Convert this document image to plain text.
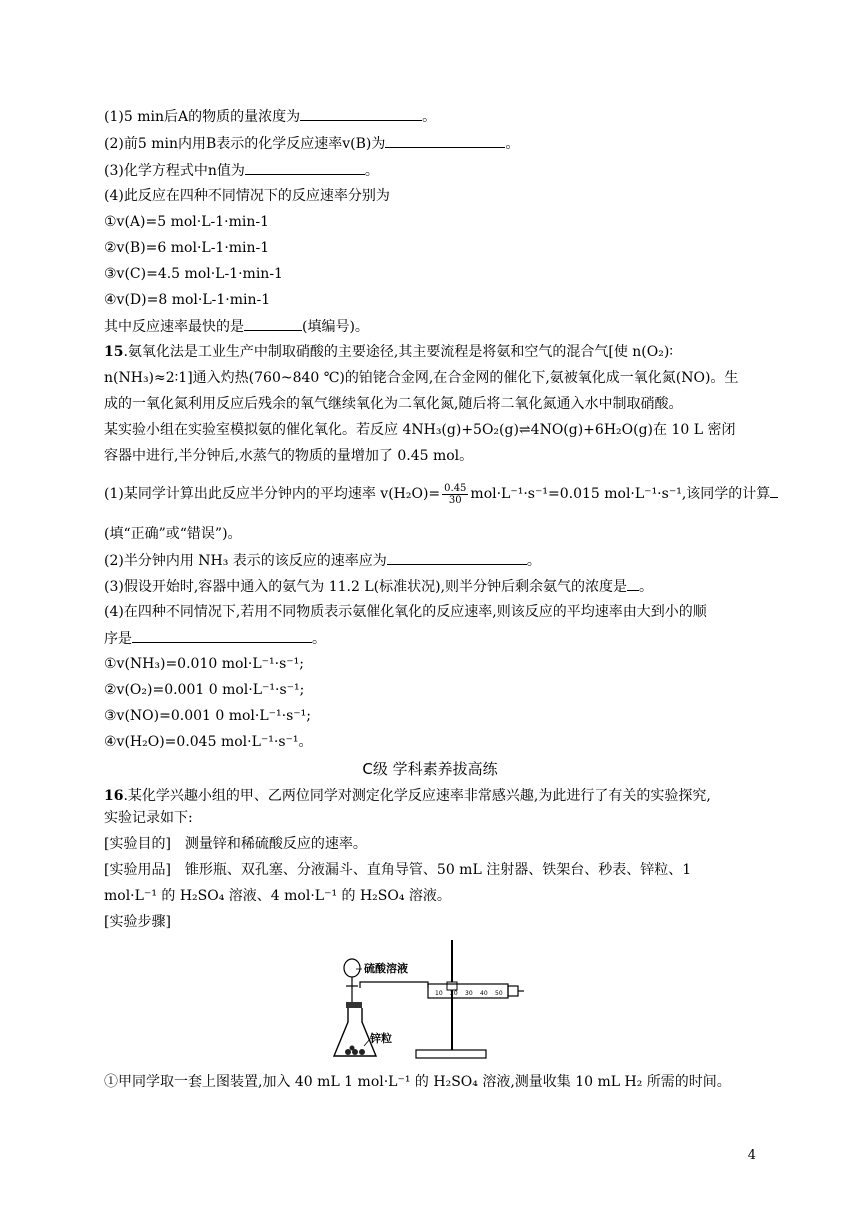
(1)5 min后A的物质的量浓度为	。
(2)前5 min内用B表示的化学反应速率v(B)为	。
(3)化学方程式中n值为	。
(4)此反应在四种不同情况下的反应速率分别为
①v(A)=5 mol·L-1·min-1
②v(B)=6 mol·L-1·min-1
③v(C)=4.5 mol·L-1·min-1
④v(D)=8 mol·L-1·min-1
其中反应速率最快的是	(填编号)。
15.氨氧化法是工业生产中制取硝酸的主要途径,其主要流程是将氨和空气的混合气[使 n(O₂)∶
n(NH₃)≈2∶1]通入灼热(760~840 ℃)的铂铑合金网,在合金网的催化下,氨被氧化成一氧化氮(NO)。生
成的一氧化氮利用反应后残余的氧气继续氧化为二氧化氮,随后将二氧化氮通入水中制取硝酸。
某实验小组在实验室模拟氨的催化氧化。若反应 4NH₃(g)+5O₂(g)⇌4NO(g)+6H₂O(g)在 10 L 密闭
容器中进行,半分钟后,水蒸气的物质的量增加了 0.45 mol。
(1)某同学计算出此反应半分钟内的平均速率 $v(H_2O)= \frac{0.45}{30} mol\cdot L^{-1}\cdot s^{-1}=0.015$ mol·L⁻¹·s⁻¹,该同学的计算
(填“正确”或“错误”)。
(2)半分钟内用 NH₃ 表示的该反应的速率应为	。
(3)假设开始时,容器中通入的氨气为 11.2 L(标准状况),则半分钟后剩余氨气的浓度是 。
(4)在四种不同情况下,若用不同物质表示氨催化氧化的反应速率,则该反应的平均速率由大到小的顺
序是	。
①v(NH₃)=0.010 mol·L⁻¹·s⁻¹;
②v(O₂)=0.001 0 mol·L⁻¹·s⁻¹;
③v(NO)=0.001 0 mol·L⁻¹·s⁻¹;
④v(H₂O)=0.045 mol·L⁻¹·s⁻¹。
C级 学科素养拔高练
16.某化学兴趣小组的甲、乙两位同学对测定化学反应速率非常感兴趣,为此进行了有关的实验探究,
实验记录如下:
[实验目的]　测量锌和稀硫酸反应的速率。
[实验用品]　锥形瓶、双孔塞、分液漏斗、直角导管、50 mL 注射器、铁架台、秒表、锌粒、1
mol·L⁻¹ 的 H₂SO₄ 溶液、4 mol·L⁻¹ 的 H₂SO₄ 溶液。
[实验步骤]
10 20 30 40 50
硫酸溶液
锌粒
①甲同学取一套上图装置,加入 40 mL 1 mol·L⁻¹ 的 H₂SO₄ 溶液,测量收集 10 mL H₂ 所需的时间。
4
